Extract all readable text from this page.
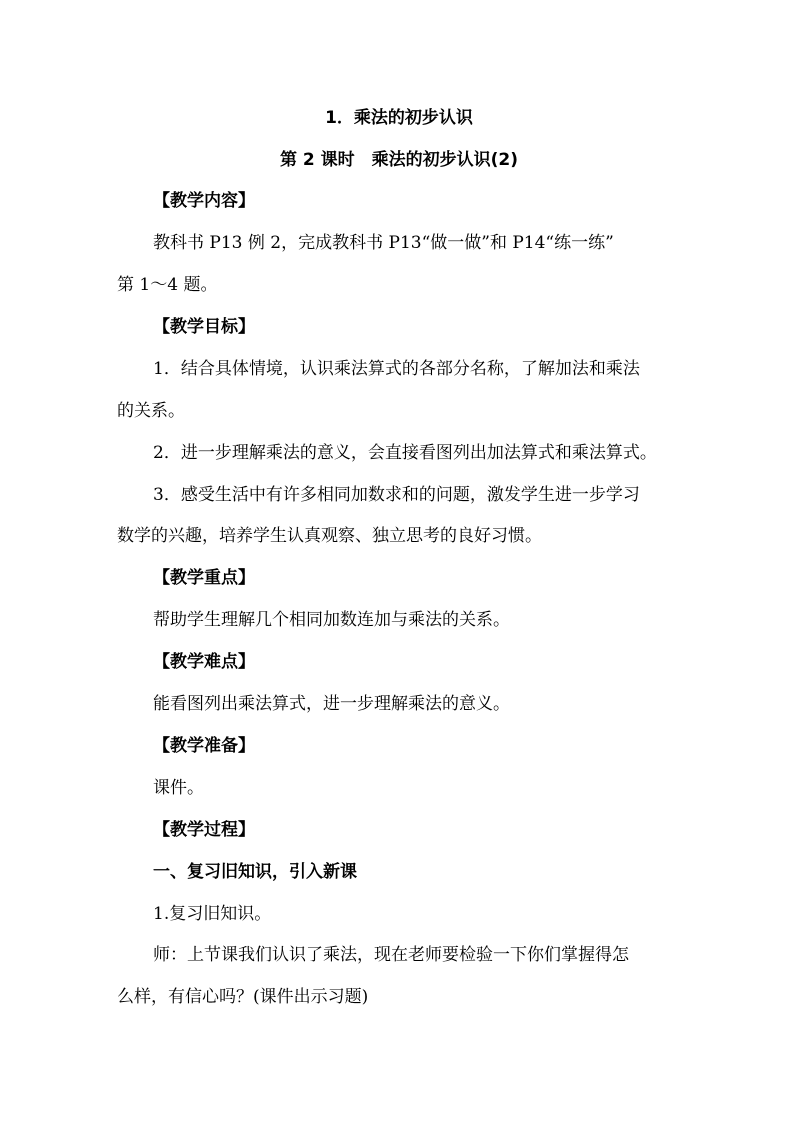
1．乘法的初步认识
第 2 课时　乘法的初步认识(2)
【教学内容】
教科书 P13 例 2，完成教科书 P13“做一做”和 P14“练一练”
第 1～4 题。
【教学目标】
1．结合具体情境，认识乘法算式的各部分名称，了解加法和乘法
的关系。
2．进一步理解乘法的意义，会直接看图列出加法算式和乘法算式。
3．感受生活中有许多相同加数求和的问题，激发学生进一步学习
数学的兴趣，培养学生认真观察、独立思考的良好习惯。
【教学重点】
帮助学生理解几个相同加数连加与乘法的关系。
【教学难点】
能看图列出乘法算式，进一步理解乘法的意义。
【教学准备】
课件。
【教学过程】
一、复习旧知识，引入新课
1.复习旧知识。
师：上节课我们认识了乘法，现在老师要检验一下你们掌握得怎
么样，有信心吗？(课件出示习题)
